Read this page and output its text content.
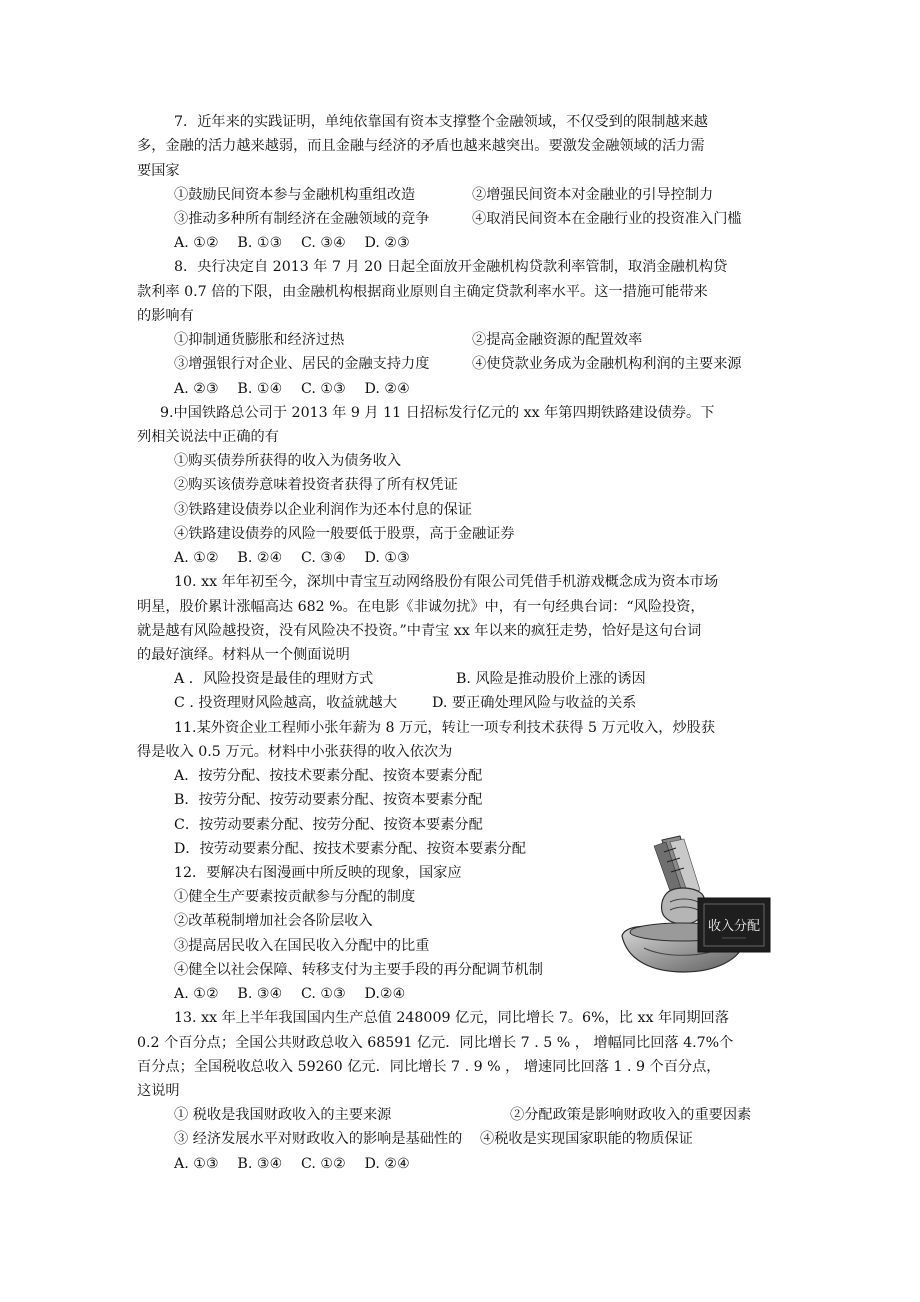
7．近年来的实践证明，单纯依靠国有资本支撑整个金融领域，不仅受到的限制越来越
多，金融的活力越来越弱，而且金融与经济的矛盾也越来越突出。要激发金融领域的活力需
要国家
①鼓励民间资本参与金融机构重组改造	②增强民间资本对金融业的引导控制力
③推动多种所有制经济在金融领域的竞争	④取消民间资本在金融行业的投资准入门槛
A. ①②　 B. ①③　 C. ③④　 D. ②③
8．央行决定自 2013 年 7 月 20 日起全面放开金融机构贷款利率管制，取消金融机构贷
款利率 0.7 倍的下限，由金融机构根据商业原则自主确定贷款利率水平。这一措施可能带来
的影响有
①抑制通货膨胀和经济过热	②提高金融资源的配置效率
③增强银行对企业、居民的金融支持力度	④使贷款业务成为金融机构利润的主要来源
A. ②③　 B. ①④　 C. ①③　 D. ②④
9.中国铁路总公司于 2013 年 9 月 11 日招标发行亿元的 xx 年第四期铁路建设债券。下
列相关说法中正确的有
①购买债券所获得的收入为债务收入
②购买该债券意味着投资者获得了所有权凭证
③铁路建设债券以企业利润作为还本付息的保证
④铁路建设债券的风险一般要低于股票，高于金融证券
A. ①②　 B. ②④　 C. ③④　 D. ①③
10. xx 年年初至今，深圳中青宝互动网络股份有限公司凭借手机游戏概念成为资本市场
明星，股价累计涨幅高达 682 %。在电影《非诚勿扰》中，有一句经典台词：“风险投资，
就是越有风险越投资，没有风险决不投资。”中青宝 xx 年以来的疯狂走势，恰好是这句台词
的最好演绎。材料从一个侧面说明
A ．风险投资是最佳的理财方式	B. 风险是推动股价上涨的诱因
C . 投资理财风险越高，收益就越大 D. 要正确处理风险与收益的关系
11.某外资企业工程师小张年薪为 8 万元，转让一项专利技术获得 5 万元收入，炒股获
得是收入 0.5 万元。材料中小张获得的收入依次为
A．按劳分配、按技术要素分配、按资本要素分配
B．按劳分配、按劳动要素分配、按资本要素分配
C．按劳动要素分配、按劳分配、按资本要素分配
D．按劳动要素分配、按技术要素分配、按资本要素分配
12．要解决右图漫画中所反映的现象，国家应
①健全生产要素按贡献参与分配的制度
②改革税制增加社会各阶层收入
③提高居民收入在国民收入分配中的比重
④健全以社会保障、转移支付为主要手段的再分配调节机制
A. ①②　 B. ③④　 C. ①③　 D.②④
收入分配
13. xx 年上半年我国国内生产总值 248009 亿元，同比增长 7。6%，比 xx 年同期回落
0.2 个百分点；全国公共财政总收入 68591 亿元．同比增长 7 . 5 % ， 增幅同比回落 4.7%个
百分点；全国税收总收入 59260 亿元．同比增长 7 . 9 % ， 增速同比回落 1 . 9 个百分点，
这说明
① 税收是我国财政收入的主要来源	②分配政策是影响财政收入的重要因素
③ 经济发展水平对财政收入的影响是基础性的 ④税收是实现国家职能的物质保证
A. ①③　 B. ③④　 C. ①②　 D. ②④
